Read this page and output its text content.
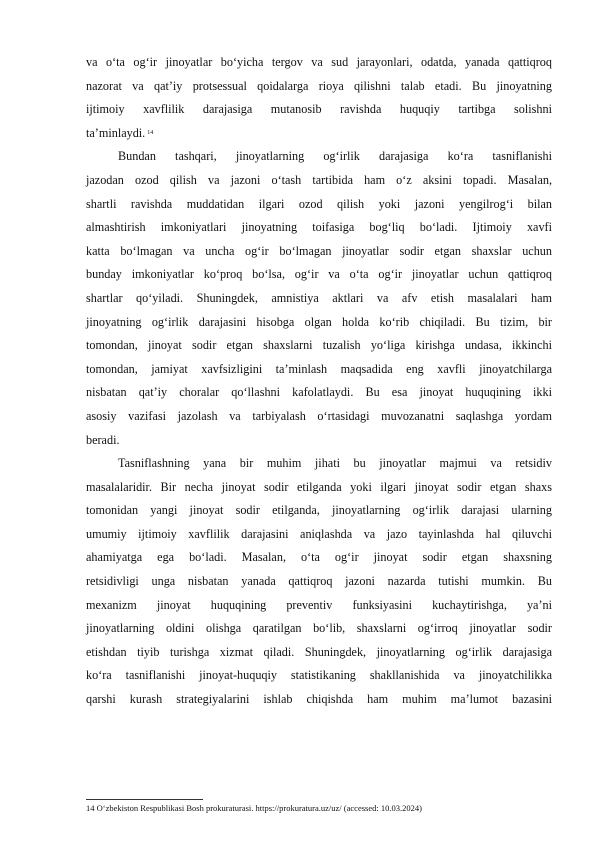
va o‘ta og‘ir jinoyatlar bo‘yicha tergov va sud jarayonlari, odatda, yanada qattiqroq
nazorat va qat’iy protsessual qoidalarga rioya qilishni talab etadi. Bu jinoyatning
ijtimoiy xavflilik darajasiga mutanosib ravishda huquqiy tartibga solishni
ta’minlaydi. $^{14}$
Bundan tashqari, jinoyatlarning og‘irlik darajasiga ko‘ra tasniflanishi
jazodan ozod qilish va jazoni o‘tash tartibida ham o‘z aksini topadi. Masalan,
shartli ravishda muddatidan ilgari ozod qilish yoki jazoni yengilrog‘i bilan
almashtirish imkoniyatlari jinoyatning toifasiga bog‘liq bo‘ladi. Ijtimoiy xavfi
katta bo‘lmagan va uncha og‘ir bo‘lmagan jinoyatlar sodir etgan shaxslar uchun
bunday imkoniyatlar ko‘proq bo‘lsa, og‘ir va o‘ta og‘ir jinoyatlar uchun qattiqroq
shartlar qo‘yiladi. Shuningdek, amnistiya aktlari va afv etish masalalari ham
jinoyatning og‘irlik darajasini hisobga olgan holda ko‘rib chiqiladi. Bu tizim, bir
tomondan, jinoyat sodir etgan shaxslarni tuzalish yo‘liga kirishga undasa, ikkinchi
tomondan, jamiyat xavfsizligini ta’minlash maqsadida eng xavfli jinoyatchilarga
nisbatan qat’iy choralar qo‘llashni kafolatlaydi. Bu esa jinoyat huquqining ikki
asosiy vazifasi jazolash va tarbiyalash o‘rtasidagi muvozanatni saqlashga yordam
beradi.
Tasniflashning yana bir muhim jihati bu jinoyatlar majmui va retsidiv
masalalaridir. Bir necha jinoyat sodir etilganda yoki ilgari jinoyat sodir etgan shaxs
tomonidan yangi jinoyat sodir etilganda, jinoyatlarning og‘irlik darajasi ularning
umumiy ijtimoiy xavflilik darajasini aniqlashda va jazo tayinlashda hal qiluvchi
ahamiyatga ega bo‘ladi. Masalan, o‘ta og‘ir jinoyat sodir etgan shaxsning
retsidivligi unga nisbatan yanada qattiqroq jazoni nazarda tutishi mumkin. Bu
mexanizm jinoyat huquqining preventiv funksiyasini kuchaytirishga, ya’ni
jinoyatlarning oldini olishga qaratilgan bo‘lib, shaxslarni og‘irroq jinoyatlar sodir
etishdan tiyib turishga xizmat qiladi. Shuningdek, jinoyatlarning og‘irlik darajasiga
ko‘ra tasniflanishi jinoyat-huquqiy statistikaning shakllanishida va jinoyatchilikka
qarshi kurash strategiyalarini ishlab chiqishda ham muhim ma’lumot bazasini
14 O‘zbekiston Respublikasi Bosh prokuraturasi. https://prokuratura.uz/uz/ (accessed: 10.03.2024)
